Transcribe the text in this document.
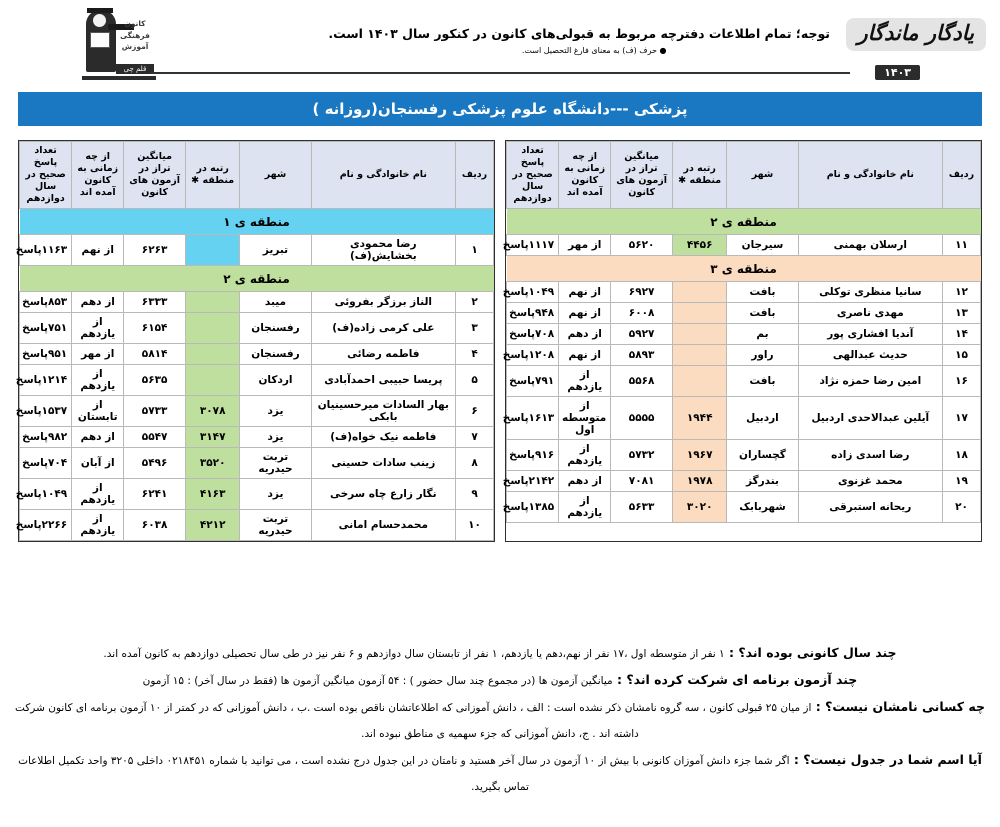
کانون فرهنگی آموزش
قلم چی
توجه؛ تمام اطلاعات دفترچه مربوط به قبولی‌های کانون در کنکور سال ۱۴۰۳ است.
● حرف (ف) به معنای فارغ التحصیل است.
یادگار ماندگار
۱۴۰۳
پزشکی ---دانشگاه علوم پزشکی رفسنجان(روزانه )
ردیف	نام خانوادگی و نام	شهر	رتبه در منطقه ✱	میانگین تراز در آزمون های کانون	از چه زمانی به کانون آمده اند	تعداد پاسخ صحیح در سال دوازدهم
منطقه ی ۲						
۱۱	ارسلان بهمنی	سیرجان	۴۴۵۶	۵۶۲۰	از مهر	۱۱۱۷پاسخ
منطقه ی ۳						
۱۲	سانیا منظری توکلی	بافت		۶۹۲۷	از نهم	۱۰۴۹پاسخ
۱۳	مهدی ناصری	بافت		۶۰۰۸	از نهم	۹۴۸پاسخ
۱۴	آندیا افشاری پور	بم		۵۹۲۷	از دهم	۷۰۸پاسخ
۱۵	حدیث عبدالهی	راور		۵۸۹۳	از نهم	۱۲۰۸پاسخ
۱۶	امین رضا حمزه نژاد	بافت		۵۵۶۸	از یازدهم	۷۹۱پاسخ
۱۷	آیلین عبدالاحدی اردبیل	اردبیل	۱۹۴۴	۵۵۵۵	از متوسطه اول	۱۶۱۳پاسخ
۱۸	رضا اسدی زاده	گچساران	۱۹۶۷	۵۷۳۲	از یازدهم	۹۱۶پاسخ
۱۹	محمد غزنوی	بندرگز	۱۹۷۸	۷۰۸۱	از دهم	۲۱۴۲پاسخ
۲۰	ریحانه استبرقی	شهربابک	۳۰۲۰	۵۶۳۳	از یازدهم	۱۳۸۵پاسخ
ردیف	نام خانوادگی و نام	شهر	رتبه در منطقه ✱	میانگین تراز در آزمون های کانون	از چه زمانی به کانون آمده اند	تعداد پاسخ صحیح در سال دوازدهم
منطقه ی ۱						
۱	رضا محمودی بخشایش(ف)	تبریز		۶۲۶۳	از نهم	۱۱۶۳پاسخ
منطقه ی ۲						
۲	الناز برزگر بفروئی	میبد		۶۳۳۳	از دهم	۸۵۳پاسخ
۳	علی کرمی زاده(ف)	رفسنجان		۶۱۵۴	از یازدهم	۷۵۱پاسخ
۴	فاطمه رضائی	رفسنجان		۵۸۱۴	از مهر	۹۵۱پاسخ
۵	پریسا حبیبی احمدآبادی	اردکان		۵۶۳۵	از یازدهم	۱۲۱۴پاسخ
۶	بهار السادات میرحسینیان بابکی	یزد	۳۰۷۸	۵۷۳۳	از تابستان	۱۵۳۷پاسخ
۷	فاطمه نیک خواه(ف)	یزد	۳۱۴۷	۵۵۴۷	از دهم	۹۸۲پاسخ
۸	زینب سادات حسینی	تربت حیدریه	۳۵۲۰	۵۴۹۶	از آبان	۷۰۴پاسخ
۹	نگار زارع چاه سرخی	یزد	۴۱۶۳	۶۲۴۱	از یازدهم	۱۰۴۹پاسخ
۱۰	محمدحسام امانی	تربت حیدریه	۴۲۱۲	۶۰۳۸	از یازدهم	۲۲۶۶پاسخ
چند سال کانونی بوده اند؟ : ۱ نفر از متوسطه اول ،۱۷ نفر از نهم،دهم یا یازدهم، ۱ نفر از تابستان سال دوازدهم و ۶ نفر نیز در طی سال تحصیلی دوازدهم به کانون آمده اند.
چند آزمون برنامه ای شرکت کرده اند؟ : میانگین آزمون ها (در مجموع چند سال حضور ) : ۵۴ آزمون میانگین آزمون ها (فقط در سال آخر) : ۱۵ آزمون
چه کسانی نامشان نیست؟ : از میان ۲۵ قبولی کانون ، سه گروه نامشان ذکر نشده است : الف ، دانش آموزانی که اطلاعاتشان ناقص بوده است .ب ، دانش آموزانی که در کمتر از ۱۰ آزمون برنامه ای کانون شرکت داشته اند . ج، دانش آموزانی که جزء سهمیه ی مناطق نبوده اند.
آیا اسم شما در جدول نیست؟ : اگر شما جزء دانش آموزان کانونی با بیش از ۱۰ آزمون در سال آخر هستید و نامتان در این جدول درج نشده است ، می توانید با شماره ۰۲۱۸۴۵۱ داخلی ۳۲۰۵ واحد تکمیل اطلاعات تماس بگیرید.
